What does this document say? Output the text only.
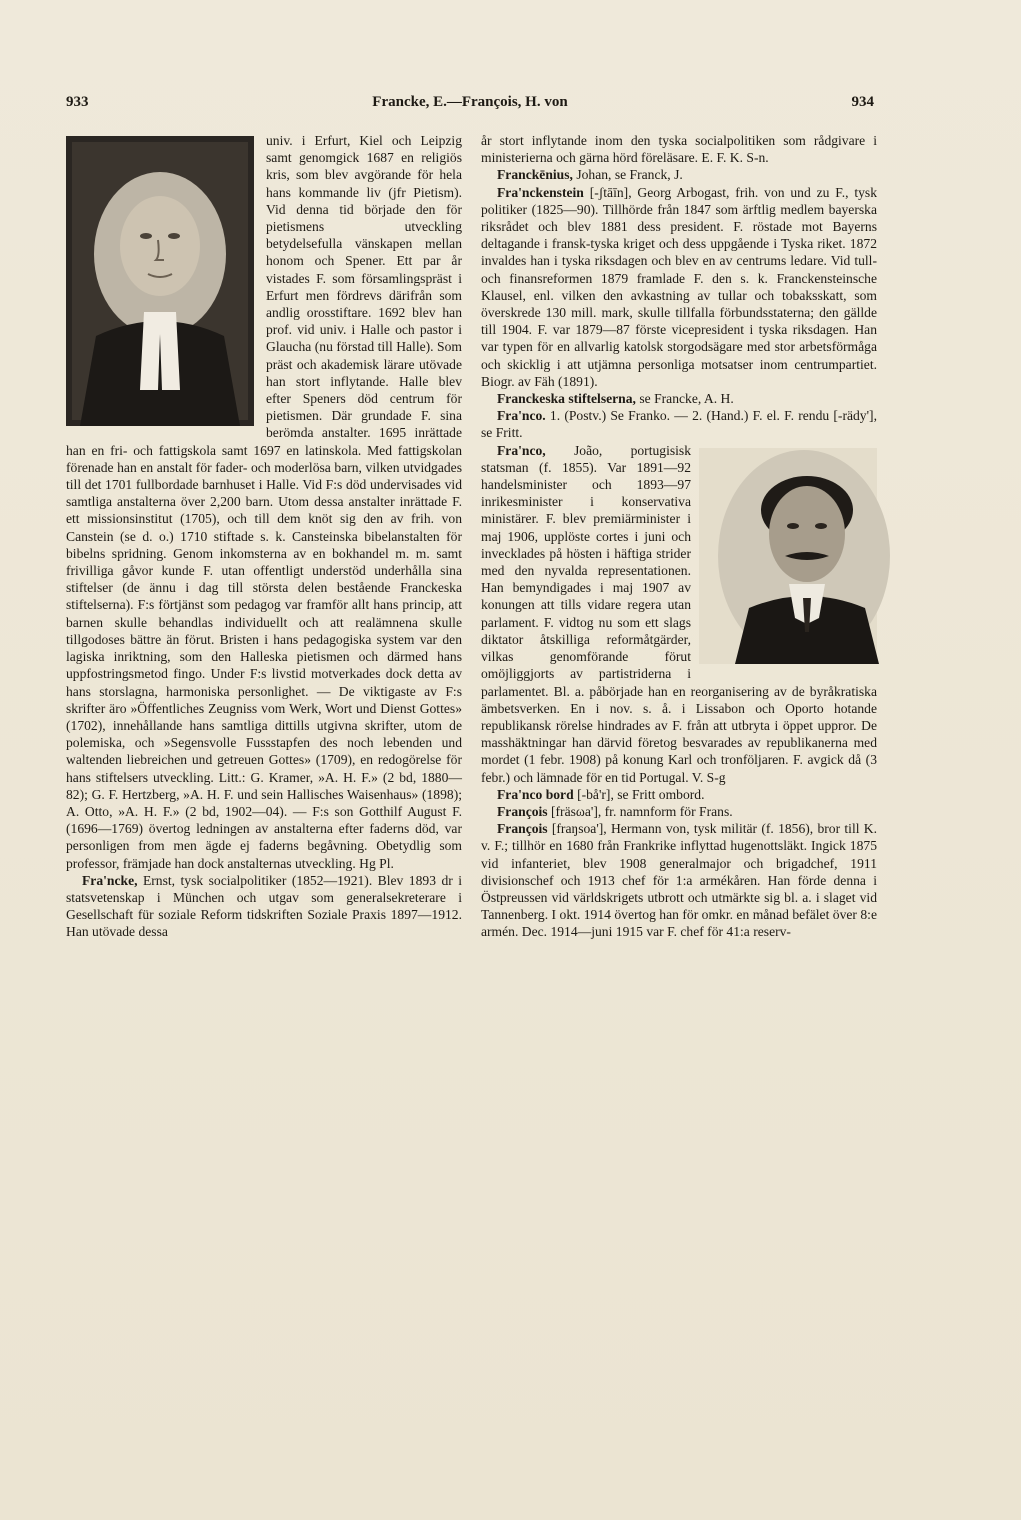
933	Francke, E.—François, H. von	934

univ. i Erfurt, Kiel och Leipzig samt genomgick 1687 en religiös kris, som blev avgörande för hela hans kommande liv (jfr Pietism). Vid denna tid började den för pietismens utveckling betydelsefulla vänskapen mellan honom och Spener. Ett par år vistades F. som församlingspräst i Erfurt men fördrevs därifrån som andlig orosstiftare. 1692 blev han prof. vid univ. i Halle och pastor i Glaucha (nu förstad till Halle). Som präst och akademisk lärare utövade han stort inflytande. Halle blev efter Speners död centrum för pietismen. Där grundade F. sina berömda anstalter. 1695 inrättade han en fri- och fattigskola samt 1697 en latinskola. Med fattigskolan förenade han en anstalt för fader- och moderlösa barn, vilken utvidgades till det 1701 fullbordade barnhuset i Halle. Vid F:s död undervisades vid samtliga anstalterna över 2,200 barn. Utom dessa anstalter inrättade F. ett missionsinstitut (1705), och till dem knöt sig den av frih. von Canstein (se d. o.) 1710 stiftade s. k. Cansteinska bibelanstalten för bibelns spridning. Genom inkomsterna av en bokhandel m. m. samt frivilliga gåvor kunde F. utan offentligt understöd underhålla sina stiftelser (de ännu i dag till största delen bestående Franckeska stiftelserna). F:s förtjänst som pedagog var framför allt hans princip, att barnen skulle behandlas individuellt och att realämnena skulle tillgodoses bättre än förut. Bristen i hans pedagogiska system var den lagiska inriktning, som den Halleska pietismen och därmed hans uppfostringsmetod fingo. Under F:s livstid motverkades dock detta av hans storslagna, harmoniska personlighet. — De viktigaste av F:s skrifter äro »Öffentliches Zeugniss vom Werk, Wort und Dienst Gottes» (1702), innehållande hans samtliga dittills utgivna skrifter, utom de polemiska, och »Segensvolle Fussstapfen des noch lebenden und waltenden liebreichen und getreuen Gottes» (1709), en redogörelse för hans stiftelsers utveckling. Litt.: G. Kramer, »A. H. F.» (2 bd, 1880—82); G. F. Hertzberg, »A. H. F. und sein Hallisches Waisenhaus» (1898); A. Otto, »A. H. F.» (2 bd, 1902—04). — F:s son Gotthilf August F. (1696—1769) övertog ledningen av anstalterna efter faderns död, var personligen from men ägde ej faderns begåvning. Obetydlig som professor, främjade han dock anstalternas utveckling. Hg Pl.

Fra'ncke, Ernst, tysk socialpolitiker (1852—1921). Blev 1893 dr i statsvetenskap i München och utgav som generalsekreterare i Gesellschaft für soziale Reform tidskriften Soziale Praxis 1897—1912. Han utövade dessa

år stort inflytande inom den tyska socialpolitiken som rådgivare i ministerierna och gärna hörd föreläsare. E. F. K. S-n.

Franckēnius, Johan, se Franck, J.

Fra'nckenstein [-ʃtāīn], Georg Arbogast, frih. von und zu F., tysk politiker (1825—90). Tillhörde från 1847 som ärftlig medlem bayerska riksrådet och blev 1881 dess president. F. röstade mot Bayerns deltagande i fransk-tyska kriget och dess uppgående i Tyska riket. 1872 invaldes han i tyska riksdagen och blev en av centrums ledare. Vid tull- och finansreformen 1879 framlade F. den s. k. Franckensteinsche Klausel, enl. vilken den avkastning av tullar och tobaksskatt, som överskrede 130 mill. mark, skulle tillfalla förbundsstaterna; den gällde till 1904. F. var 1879—87 förste vicepresident i tyska riksdagen. Han var typen för en allvarlig katolsk storgodsägare med stor arbetsförmåga och skicklig i att utjämna personliga motsatser inom centrumpartiet. Biogr. av Fäh (1891).

Franckeska stiftelserna, se Francke, A. H.

Fra'nco. 1. (Postv.) Se Franko. — 2. (Hand.) F. el. F. rendu [-rädy'], se Fritt.

Fra'nco, João, portugisisk statsman (f. 1855). Var 1891—92 handelsminister och 1893—97 inrikesminister i konservativa ministärer. F. blev premiärminister i maj 1906, upplöste cortes i juni och invecklades på hösten i häftiga strider med den nyvalda representationen. Han bemyndigades i maj 1907 av konungen att tills vidare regera utan parlament. F. vidtog nu som ett slags diktator åtskilliga reformåtgärder, vilkas genomförande förut omöjliggjorts av partistriderna i parlamentet. Bl. a. påbörjade han en reorganisering av de byråkratiska ämbetsverken. En i nov. s. å. i Lissabon och Oporto hotande republikansk rörelse hindrades av F. från att utbryta i öppet uppror. De masshäktningar han därvid företog besvarades av republikanerna med mordet (1 febr. 1908) på konung Karl och tronföljaren. F. avgick då (3 febr.) och lämnade för en tid Portugal. V. S-g

Fra'nco bord [-bå'r], se Fritt ombord.

François [fräsωa'], fr. namnform för Frans.

François [fraŋsoa'], Hermann von, tysk militär (f. 1856), bror till K. v. F.; tillhör en 1680 från Frankrike inflyttad hugenottsläkt. Ingick 1875 vid infanteriet, blev 1908 generalmajor och brigadchef, 1911 divisionschef och 1913 chef för 1:a armékåren. Han förde denna i Östpreussen vid världskrigets utbrott och utmärkte sig bl. a. i slaget vid Tannenberg. I okt. 1914 övertog han för omkr. en månad befälet över 8:e armén. Dec. 1914—juni 1915 var F. chef för 41:a reserv-
